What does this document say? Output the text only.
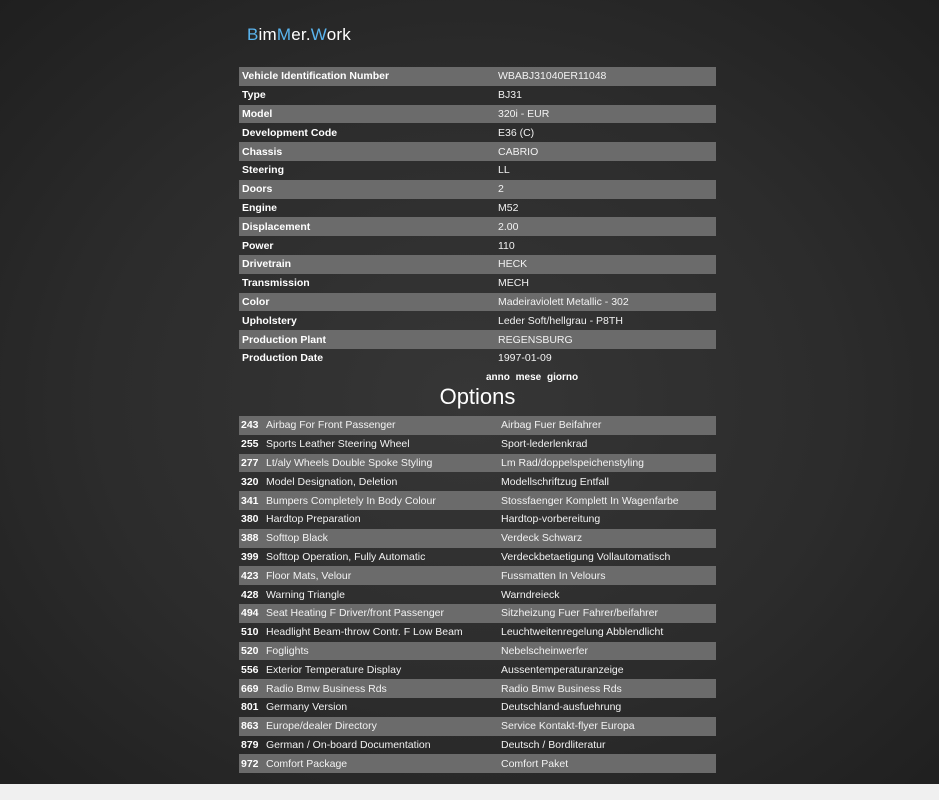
BimMer.Work
Vehicle Identification Number	WBABJ31040ER11048
Type	BJ31
Model	320i - EUR
Development Code	E36 (C)
Chassis	CABRIO
Steering	LL
Doors	2
Engine	M52
Displacement	2.00
Power	110
Drivetrain	HECK
Transmission	MECH
Color	Madeiraviolett Metallic - 302
Upholstery	Leder Soft/hellgrau - P8TH
Production Plant	REGENSBURG
Production Date	1997-01-09
anno mese giorno
Options
243	Airbag For Front Passenger	Airbag Fuer Beifahrer
255	Sports Leather Steering Wheel	Sport-lederlenkrad
277	Lt/aly Wheels Double Spoke Styling	Lm Rad/doppelspeichenstyling
320	Model Designation, Deletion	Modellschriftzug Entfall
341	Bumpers Completely In Body Colour	Stossfaenger Komplett In Wagenfarbe
380	Hardtop Preparation	Hardtop-vorbereitung
388	Softtop Black	Verdeck Schwarz
399	Softtop Operation, Fully Automatic	Verdeckbetaetigung Vollautomatisch
423	Floor Mats, Velour	Fussmatten In Velours
428	Warning Triangle	Warndreieck
494	Seat Heating F Driver/front Passenger	Sitzheizung Fuer Fahrer/beifahrer
510	Headlight Beam-throw Contr. F Low Beam	Leuchtweitenregelung Abblendlicht
520	Foglights	Nebelscheinwerfer
556	Exterior Temperature Display	Aussentemperaturanzeige
669	Radio Bmw Business Rds	Radio Bmw Business Rds
801	Germany Version	Deutschland-ausfuehrung
863	Europe/dealer Directory	Service Kontakt-flyer Europa
879	German / On-board Documentation	Deutsch / Bordliteratur
972	Comfort Package	Comfort Paket
